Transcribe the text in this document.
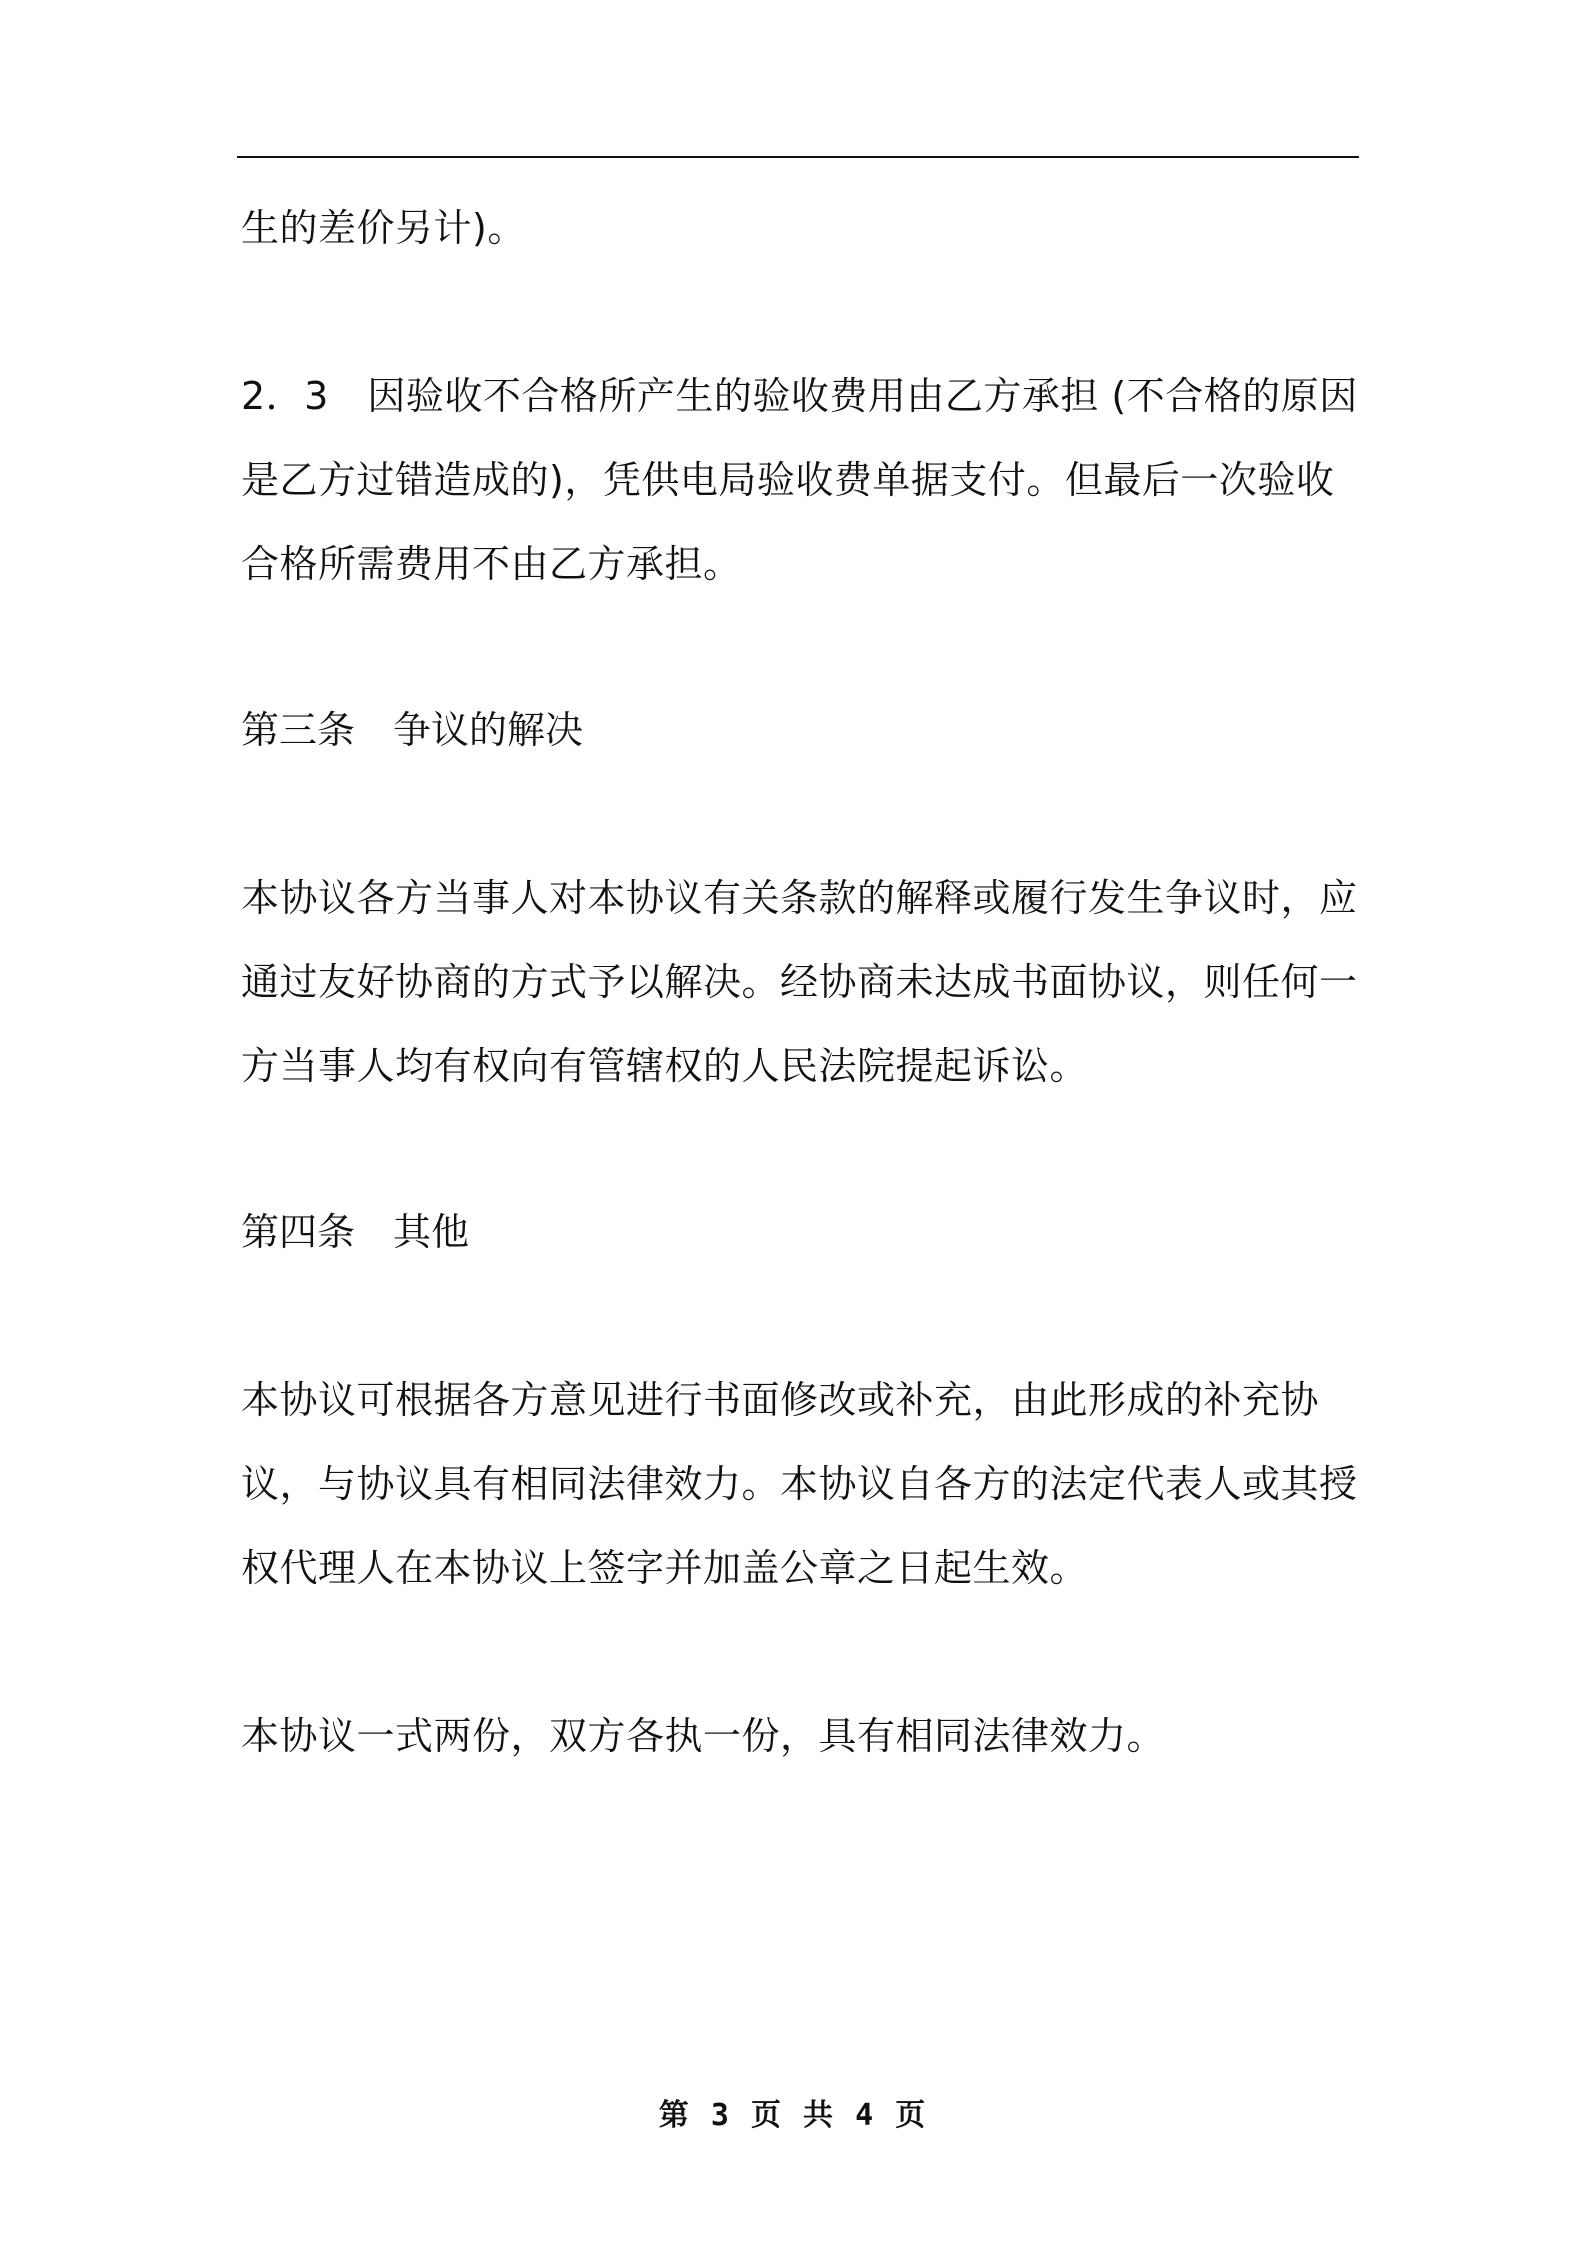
生的差价另计)。

2．3　因验收不合格所产生的验收费用由乙方承担 (不合格的原因是乙方过错造成的)，凭供电局验收费单据支付。但最后一次验收合格所需费用不由乙方承担。

第三条　争议的解决

本协议各方当事人对本协议有关条款的解释或履行发生争议时，应通过友好协商的方式予以解决。经协商未达成书面协议，则任何一方当事人均有权向有管辖权的人民法院提起诉讼。

第四条　其他

本协议可根据各方意见进行书面修改或补充，由此形成的补充协议，与协议具有相同法律效力。本协议自各方的法定代表人或其授权代理人在本协议上签字并加盖公章之日起生效。

本协议一式两份，双方各执一份，具有相同法律效力。

第 3 页 共 4 页
